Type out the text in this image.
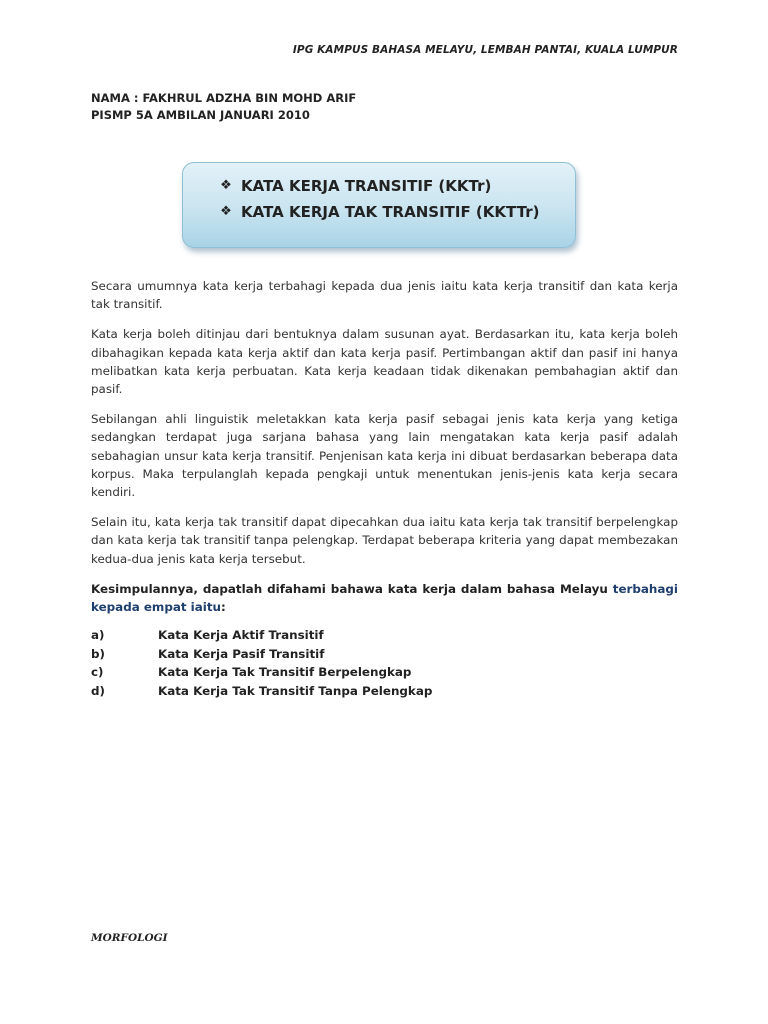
IPG KAMPUS BAHASA MELAYU, LEMBAH PANTAI, KUALA LUMPUR
NAMA : FAKHRUL ADZHA BIN MOHD ARIF
PISMP 5A AMBILAN JANUARI 2010
❖ KATA KERJA TRANSITIF (KKTr)
❖ KATA KERJA TAK TRANSITIF (KKTTr)

Secara umumnya kata kerja terbahagi kepada dua jenis iaitu kata kerja transitif dan kata kerja tak transitif.

Kata kerja boleh ditinjau dari bentuknya dalam susunan ayat. Berdasarkan itu, kata kerja boleh dibahagikan kepada kata kerja aktif dan kata kerja pasif. Pertimbangan aktif dan pasif ini hanya melibatkan kata kerja perbuatan. Kata kerja keadaan tidak dikenakan pembahagian aktif dan pasif.

Sebilangan ahli linguistik meletakkan kata kerja pasif sebagai jenis kata kerja yang ketiga sedangkan terdapat juga sarjana bahasa yang lain mengatakan kata kerja pasif adalah sebahagian unsur kata kerja transitif. Penjenisan kata kerja ini dibuat berdasarkan beberapa data korpus. Maka terpulanglah kepada pengkaji untuk menentukan jenis-jenis kata kerja secara kendiri.

Selain itu, kata kerja tak transitif dapat dipecahkan dua iaitu kata kerja tak transitif berpelengkap dan kata kerja tak transitif tanpa pelengkap. Terdapat beberapa kriteria yang dapat membezakan kedua-dua jenis kata kerja tersebut.

Kesimpulannya, dapatlah difahami bahawa kata kerja dalam bahasa Melayu terbahagi kepada empat iaitu:

a)	Kata Kerja Aktif Transitif
b)	Kata Kerja Pasif Transitif
c)	Kata Kerja Tak Transitif Berpelengkap
d)	Kata Kerja Tak Transitif Tanpa Pelengkap
MORFOLOGI
